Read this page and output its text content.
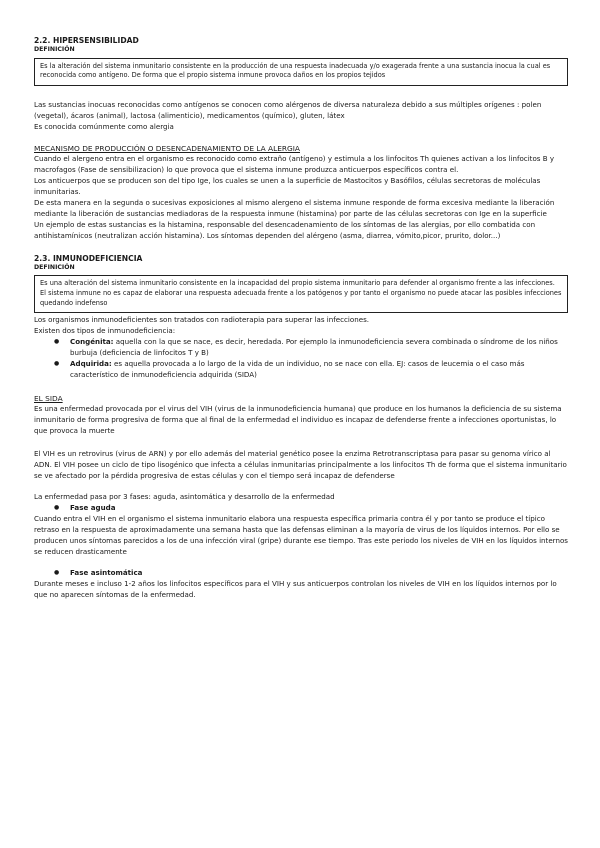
2.2. HIPERSENSIBILIDAD

DEFINICIÓN

Es la alteración del sistema inmunitario consistente en la producción de una respuesta inadecuada y/o exagerada frente a una sustancia inocua la cual es reconocida como antígeno. De forma que el propio sistema inmune provoca daños en los propios tejidos

Las sustancias inocuas reconocidas como antígenos se conocen como alérgenos de diversa naturaleza debido a sus múltiples orígenes : polen (vegetal), ácaros (animal), lactosa (alimenticio), medicamentos (químico), gluten, látex

Es conocida comúnmente como alergia

MECANISMO DE PRODUCCIÓN O DESENCADENAMIENTO DE LA ALERGIA

Cuando el alergeno entra en el organismo es reconocido como extraño (antígeno) y estimula a los linfocitos Th quienes activan a los linfocitos B y macrofagos (Fase de sensibilizacion) lo que provoca que el sistema inmune produzca anticuerpos específicos contra el.

Los anticuerpos que se producen son del tipo Ige, los cuales se unen a la superficie de Mastocitos y Basófilos, células secretoras de moléculas inmunitarias.

De esta manera en la segunda o sucesivas exposiciones al mismo alergeno el sistema inmune responde de forma excesiva mediante la liberación mediante la liberación de sustancias mediadoras de la respuesta inmune (histamina) por parte de las células secretoras con Ige en la superficie

Un ejemplo de estas sustancias es la histamina, responsable del desencadenamiento de los síntomas de las alergias, por ello combatida con antihistamínicos (neutralizan acción histamina). Los síntomas dependen del alérgeno (asma, diarrea, vómito,picor, prurito, dolor...)

2.3. INMUNODEFICIENCIA

DEFINICIÓN

Es una alteración del sistema inmunitario consistente en la incapacidad del propio sistema inmunitario para defender al organismo frente a las infecciones. El sistema inmune no es capaz de elaborar una respuesta adecuada frente a los patógenos y por tanto el organismo no puede atacar las posibles infecciones quedando indefenso

Los organismos inmunodeficientes son tratados con radioterapia para superar las infecciones.

Existen dos tipos de inmunodeficiencia:

● Congénita: aquella con la que se nace, es decir, heredada. Por ejemplo la inmunodeficiencia severa combinada o síndrome de los niños burbuja (deficiencia de linfocitos T y B)
● Adquirida: es aquella provocada a lo largo de la vida de un individuo, no se nace con ella. EJ: casos de leucemia o el caso más característico de inmunodeficiencia adquirida (SIDA)

EL SIDA

Es una enfermedad provocada por el virus del VIH (virus de la inmunodeficiencia humana) que produce en los humanos la deficiencia de su sistema inmunitario de forma progresiva de forma que al final de la enfermedad el individuo es incapaz de defenderse frente a infecciones oportunistas, lo que provoca la muerte

El VIH es un retrovirus (virus de ARN) y por ello además del material genético posee la enzima Retrotranscriptasa para pasar su genoma vírico al ADN. El VIH posee un ciclo de tipo lisogénico que infecta a células inmunitarias principalmente a los linfocitos Th de forma que el sistema inmunitario se ve afectado por la pérdida progresiva de estas células y con el tiempo será incapaz de defenderse

La enfermedad pasa por 3 fases: aguda, asintomática y desarrollo de la enfermedad

● Fase aguda

Cuando entra el VIH en el organismo el sistema inmunitario elabora una respuesta específica primaria contra él y por tanto se produce el típico retraso en la respuesta de aproximadamente una semana hasta que las defensas eliminan a la mayoría de virus de los líquidos internos. Por ello se producen unos síntomas parecidos a los de una infección viral (gripe) durante ese tiempo. Tras este periodo los niveles de VIH en los líquidos internos se reducen drasticamente

● Fase asintomática

Durante meses e incluso 1-2 años los linfocitos específicos para el VIH y sus anticuerpos controlan los niveles de VIH en los líquidos internos por lo que no aparecen síntomas de la enfermedad.
